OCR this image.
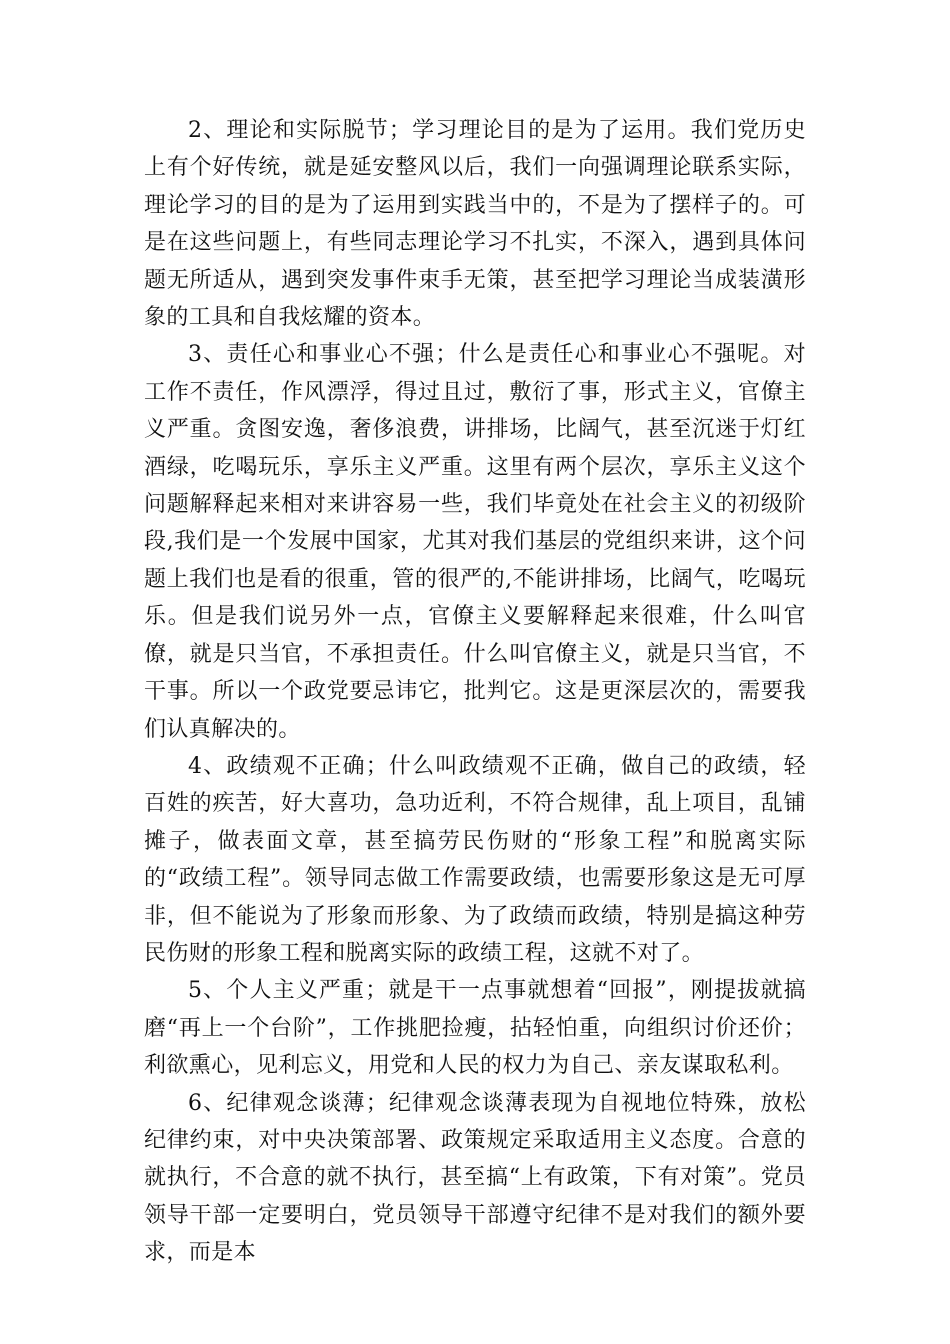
2、理论和实际脱节；学习理论目的是为了运用。我们党历史上有个好传统，就是延安整风以后，我们一向强调理论联系实际，理论学习的目的是为了运用到实践当中的，不是为了摆样子的。可是在这些问题上，有些同志理论学习不扎实，不深入，遇到具体问题无所适从，遇到突发事件束手无策，甚至把学习理论当成装潢形象的工具和自我炫耀的资本。

3、责任心和事业心不强；什么是责任心和事业心不强呢。对工作不责任，作风漂浮，得过且过，敷衍了事，形式主义，官僚主义严重。贪图安逸，奢侈浪费，讲排场，比阔气，甚至沉迷于灯红酒绿，吃喝玩乐，享乐主义严重。这里有两个层次，享乐主义这个问题解释起来相对来讲容易一些，我们毕竟处在社会主义的初级阶段,我们是一个发展中国家，尤其对我们基层的党组织来讲，这个问题上我们也是看的很重，管的很严的,不能讲排场，比阔气，吃喝玩乐。但是我们说另外一点，官僚主义要解释起来很难，什么叫官僚，就是只当官，不承担责任。什么叫官僚主义，就是只当官，不干事。所以一个政党要忌讳它，批判它。这是更深层次的，需要我们认真解决的。

4、政绩观不正确；什么叫政绩观不正确，做自己的政绩，轻百姓的疾苦，好大喜功，急功近利，不符合规律，乱上项目，乱铺摊子，做表面文章，甚至搞劳民伤财的“形象工程”和脱离实际的“政绩工程”。领导同志做工作需要政绩，也需要形象这是无可厚非，但不能说为了形象而形象、为了政绩而政绩，特别是搞这种劳民伤财的形象工程和脱离实际的政绩工程，这就不对了。

5、个人主义严重；就是干一点事就想着“回报”，刚提拔就搞磨“再上一个台阶”，工作挑肥捡瘦，拈轻怕重，向组织讨价还价；利欲熏心，见利忘义，用党和人民的权力为自己、亲友谋取私利。

6、纪律观念谈薄；纪律观念谈薄表现为自视地位特殊，放松纪律约束，对中央决策部署、政策规定采取适用主义态度。合意的就执行，不合意的就不执行，甚至搞“上有政策，下有对策”。党员领导干部一定要明白，党员领导干部遵守纪律不是对我们的额外要求，而是本
